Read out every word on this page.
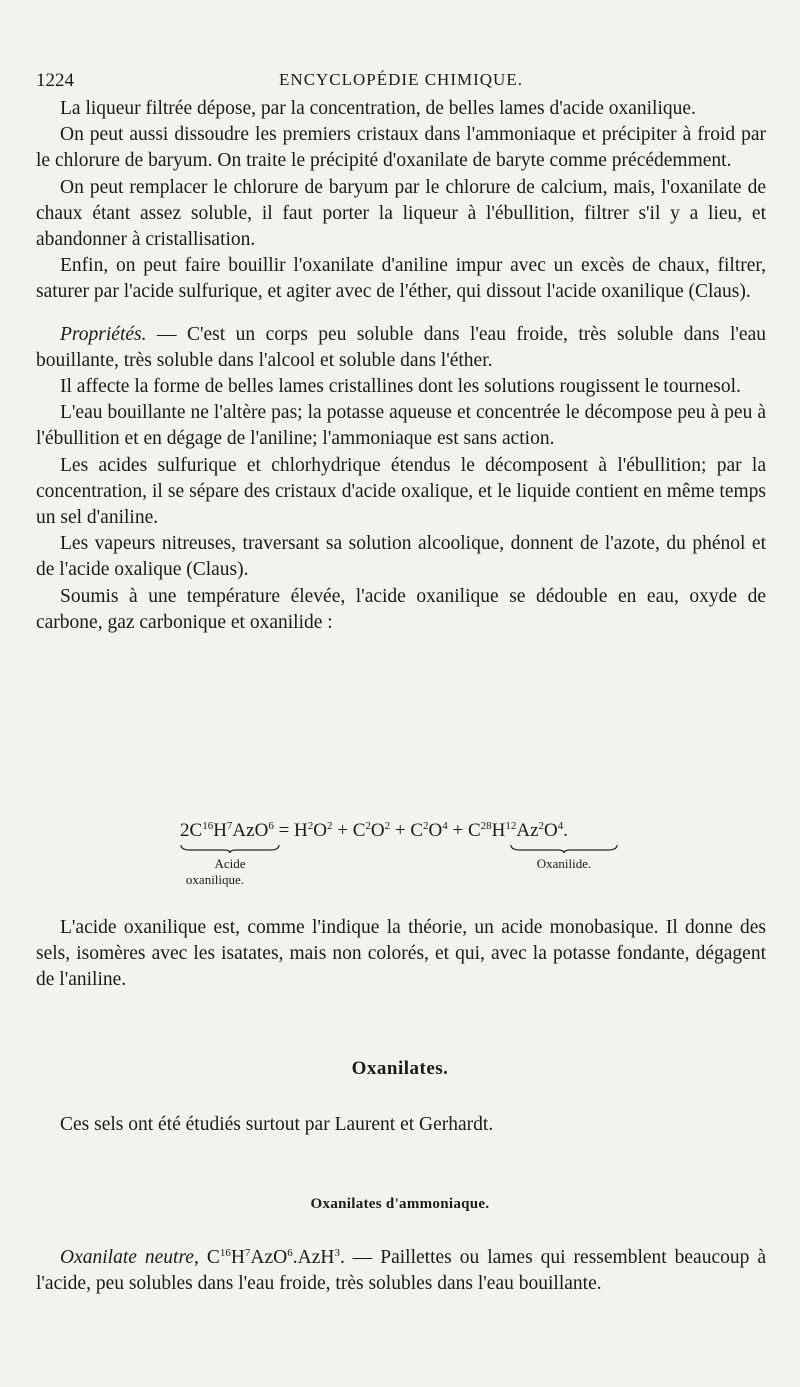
1224	ENCYCLOPÉDIE CHIMIQUE.

La liqueur filtrée dépose, par la concentration, de belles lames d'acide oxanilique.

On peut aussi dissoudre les premiers cristaux dans l'ammoniaque et précipiter à froid par le chlorure de baryum. On traite le précipité d'oxanilate de baryte comme précédemment.

On peut remplacer le chlorure de baryum par le chlorure de calcium, mais, l'oxanilate de chaux étant assez soluble, il faut porter la liqueur à l'ébullition, filtrer s'il y a lieu, et abandonner à cristallisation.

Enfin, on peut faire bouillir l'oxanilate d'aniline impur avec un excès de chaux, filtrer, saturer par l'acide sulfurique, et agiter avec de l'éther, qui dissout l'acide oxanilique (Claus).

Propriétés. — C'est un corps peu soluble dans l'eau froide, très soluble dans l'eau bouillante, très soluble dans l'alcool et soluble dans l'éther.

Il affecte la forme de belles lames cristallines dont les solutions rougissent le tournesol.

L'eau bouillante ne l'altère pas; la potasse aqueuse et concentrée le décompose peu à peu à l'ébullition et en dégage de l'aniline; l'ammoniaque est sans action.

Les acides sulfurique et chlorhydrique étendus le décomposent à l'ébullition; par la concentration, il se sépare des cristaux d'acide oxalique, et le liquide contient en même temps un sel d'aniline.

Les vapeurs nitreuses, traversant sa solution alcoolique, donnent de l'azote, du phénol et de l'acide oxalique (Claus).

Soumis à une température élevée, l'acide oxanilique se dédouble en eau, oxyde de carbone, gaz carbonique et oxanilide :

$2C^{16}H^7AzO^6 = H^2O^2 + C^2O^2 + C^2O^4 + C^{28}H^{12}Az^2O^4$.
Acide
oxanilique.
Oxanilide.

L'acide oxanilique est, comme l'indique la théorie, un acide monobasique. Il donne des sels, isomères avec les isatates, mais non colorés, et qui, avec la potasse fondante, dégagent de l'aniline.

Oxanilates.

Ces sels ont été étudiés surtout par Laurent et Gerhardt.

Oxanilates d'ammoniaque.

Oxanilate neutre, $C^{16}H^7AzO^6.AzH^3$. — Paillettes ou lames qui ressemblent beaucoup à l'acide, peu solubles dans l'eau froide, très solubles dans l'eau bouillante.
